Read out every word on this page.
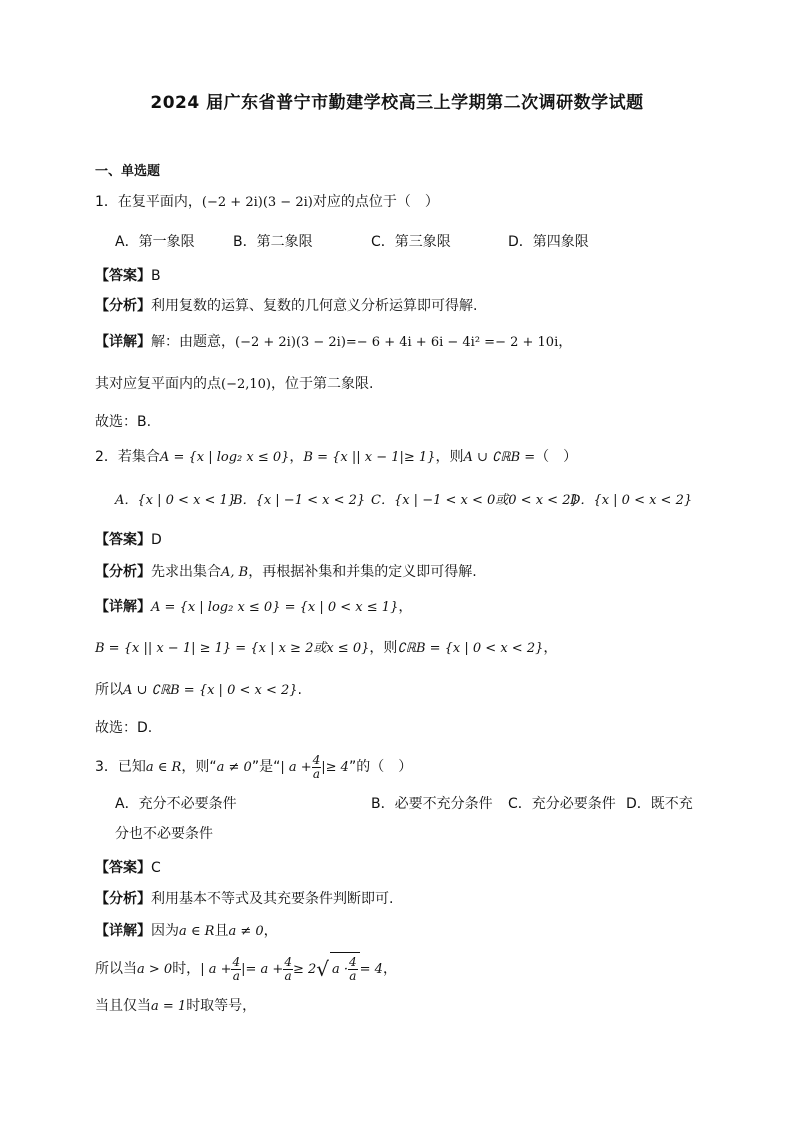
2024 届广东省普宁市勤建学校高三上学期第二次调研数学试题
一、单选题
1．在复平面内，(−2 + 2i)(3 − 2i)对应的点位于（　）
A．第一象限	B．第二象限	C．第三象限	D．第四象限
【答案】B
【分析】利用复数的运算、复数的几何意义分析运算即可得解.
【详解】解：由题意，(−2 + 2i)(3 − 2i)=− 6 + 4i + 6i − 4i² =− 2 + 10i，
其对应复平面内的点(−2,10)，位于第二象限.
故选：B.
2．若集合A = {x | log₂ x ≤ 0}，B = {x || x − 1|≥ 1}，则A ∪ ∁ℝB =（　）
A．{x | 0 < x < 1}
B．{x | −1 < x < 2} C．{x | −1 < x < 0或0 < x < 2}
D．{x | 0 < x < 2}
【答案】D
【分析】先求出集合A, B，再根据补集和并集的定义即可得解.
【详解】A = {x | log₂ x ≤ 0} = {x | 0 < x ≤ 1}，
B = {x || x − 1| ≥ 1} = {x | x ≥ 2或x ≤ 0}，则∁ℝB = {x | 0 < x < 2}，
所以A ∪ ∁ℝB = {x | 0 < x < 2}.
故选：D.
3．已知a ∈ R，则“a ≠ 0”是“| $a + \frac{4}{a}$ |≥ 4”的（　）
A．充分不必要条件	B．必要不充分条件 C．充分必要条件 D．既不充
分也不必要条件
【答案】C
【分析】利用基本不等式及其充要条件判断即可.
【详解】因为a ∈ R且a ≠ 0，
所以当a > 0时，| $a + \frac{4}{a}$ |= $a + \frac{4}{a} \ge 2√$ $a \cdot \frac{4}{a} = 4$，
当且仅当a = 1时取等号，
